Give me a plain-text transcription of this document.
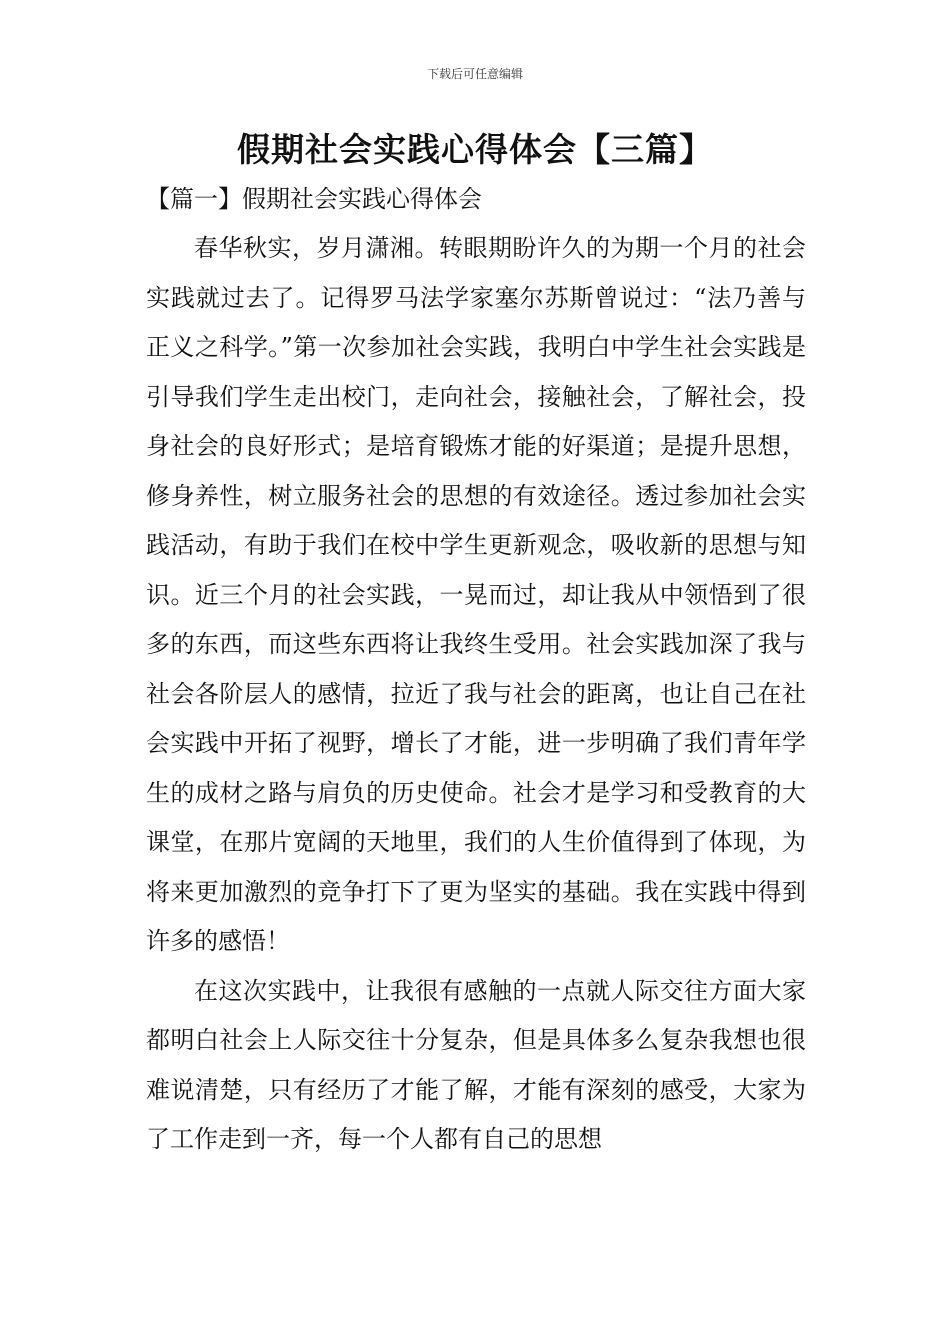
下载后可任意编辑
假期社会实践心得体会【三篇】
【篇一】假期社会实践心得体会

春华秋实，岁月潇湘。转眼期盼许久的为期一个月的社会实践就过去了。记得罗马法学家塞尔苏斯曾说过：“法乃善与正义之科学。”第一次参加社会实践，我明白中学生社会实践是引导我们学生走出校门，走向社会，接触社会，了解社会，投身社会的良好形式；是培育锻炼才能的好渠道；是提升思想，修身养性，树立服务社会的思想的有效途径。透过参加社会实践活动，有助于我们在校中学生更新观念，吸收新的思想与知识。近三个月的社会实践，一晃而过，却让我从中领悟到了很多的东西，而这些东西将让我终生受用。社会实践加深了我与社会各阶层人的感情，拉近了我与社会的距离，也让自己在社会实践中开拓了视野，增长了才能，进一步明确了我们青年学生的成材之路与肩负的历史使命。社会才是学习和受教育的大课堂，在那片宽阔的天地里，我们的人生价值得到了体现，为将来更加激烈的竞争打下了更为坚实的基础。我在实践中得到许多的感悟！

在这次实践中，让我很有感触的一点就人际交往方面大家都明白社会上人际交往十分复杂，但是具体多么复杂我想也很难说清楚，只有经历了才能了解，才能有深刻的感受，大家为了工作走到一齐，每一个人都有自己的思想
